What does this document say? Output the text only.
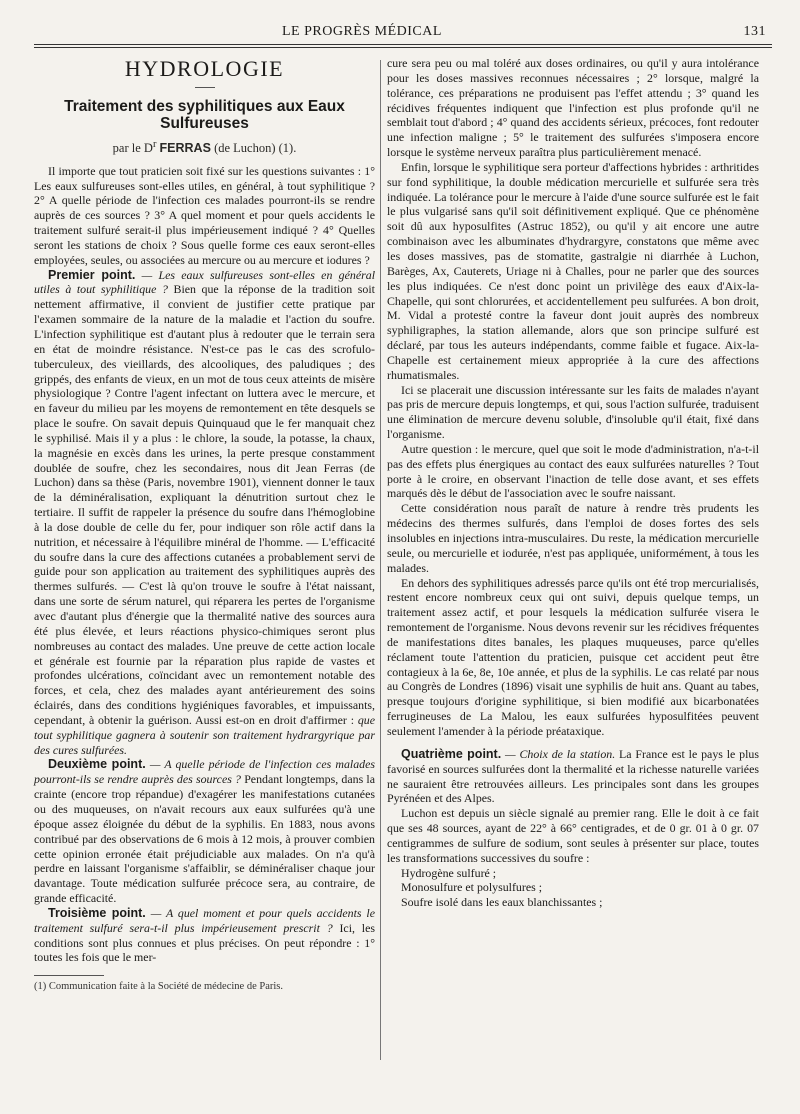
LE PROGRÈS MÉDICAL	131
HYDROLOGIE
Traitement des syphilitiques aux Eaux Sulfureuses
par le $D^r$ FERRAS (de Luchon) (1).

Il importe que tout praticien soit fixé sur les questions suivantes : 1° Les eaux sulfureuses sont-elles utiles, en général, à tout syphilitique ? 2° A quelle période de l'infection ces malades pourront-ils se rendre auprès de ces sources ? 3° A quel moment et pour quels accidents le traitement sulfuré serait-il plus impérieusement indiqué ? 4° Quelles seront les stations de choix ? Sous quelle forme ces eaux seront-elles employées, seules, ou associées au mercure ou au mercure et iodures ?

Premier point. — Les eaux sulfureuses sont-elles en général utiles à tout syphilitique ? Bien que la réponse de la tradition soit nettement affirmative, il convient de justifier cette pratique par l'examen sommaire de la nature de la maladie et l'action du soufre. L'infection syphilitique est d'autant plus à redouter que le terrain sera en état de moindre résistance. N'est-ce pas le cas des scrofulo-tuberculeux, des vieillards, des alcooliques, des paludiques ; des grippés, des enfants de vieux, en un mot de tous ceux atteints de misère physiologique ? Contre l'agent infectant on luttera avec le mercure, et en faveur du milieu par les moyens de remontement en tête desquels se place le soufre. On savait depuis Quinquaud que le fer manquait chez le syphilisé. Mais il y a plus : le chlore, la soude, la potasse, la chaux, la magnésie en excès dans les urines, la perte presque constamment doublée de soufre, chez les secondaires, nous dit Jean Ferras (de Luchon) dans sa thèse (Paris, novembre 1901), viennent donner le taux de la déminéralisation, expliquant la dénutrition surtout chez le tertiaire. Il suffit de rappeler la présence du soufre dans l'hémoglobine à la dose double de celle du fer, pour indiquer son rôle actif dans la nutrition, et nécessaire à l'équilibre minéral de l'homme. — L'efficacité du soufre dans la cure des affections cutanées a probablement servi de guide pour son application au traitement des syphilitiques auprès des thermes sulfurés. — C'est là qu'on trouve le soufre à l'état naissant, dans une sorte de sérum naturel, qui réparera les pertes de l'organisme avec d'autant plus d'énergie que la thermalité native des sources aura été plus élevée, et leurs réactions physico-chimiques seront plus nombreuses au contact des malades. Une preuve de cette action locale et générale est fournie par la réparation plus rapide de vastes et profondes ulcérations, coïncidant avec un remontement notable des forces, et cela, chez des malades ayant antérieurement des soins éclairés, dans des conditions hygiéniques favorables, et impuissants, cependant, à obtenir la guérison. Aussi est-on en droit d'affirmer : que tout syphilitique gagnera à soutenir son traitement hydrargyrique par des cures sulfurées.

Deuxième point. — A quelle période de l'infection ces malades pourront-ils se rendre auprès des sources ? Pendant longtemps, dans la crainte (encore trop répandue) d'exagérer les manifestations cutanées ou des muqueuses, on n'avait recours aux eaux sulfurées qu'à une époque assez éloignée du début de la syphilis. En 1883, nous avons contribué par des observations de 6 mois à 12 mois, à prouver combien cette opinion erronée était préjudiciable aux malades. On n'a qu'à perdre en laissant l'organisme s'affaiblir, se déminéraliser chaque jour davantage. Toute médication sulfurée précoce sera, au contraire, de grande efficacité.

Troisième point. — A quel moment et pour quels accidents le traitement sulfuré sera-t-il plus impérieusement prescrit ? Ici, les conditions sont plus connues et plus précises. On peut répondre : 1° toutes les fois que le mer-

(1) Communication faite à la Société de médecine de Paris.

cure sera peu ou mal toléré aux doses ordinaires, ou qu'il y aura intolérance pour les doses massives reconnues nécessaires ; 2° lorsque, malgré la tolérance, ces préparations ne produisent pas l'effet attendu ; 3° quand les récidives fréquentes indiquent que l'infection est plus profonde qu'il ne semblait tout d'abord ; 4° quand des accidents sérieux, précoces, font redouter une infection maligne ; 5° le traitement des sulfurées s'imposera encore lorsque le système nerveux paraîtra plus particulièrement menacé.

Enfin, lorsque le syphilitique sera porteur d'affections hybrides : arthritides sur fond syphilitique, la double médication mercurielle et sulfurée sera très indiquée. La tolérance pour le mercure à l'aide d'une source sulfurée est le fait le plus vulgarisé sans qu'il soit définitivement expliqué. Que ce phénomène soit dû aux hyposulfites (Astruc 1852), ou qu'il y ait encore une autre combinaison avec les albuminates d'hydrargyre, constatons que même avec les doses massives, pas de stomatite, gastralgie ni diarrhée à Luchon, Barèges, Ax, Cauterets, Uriage ni à Challes, pour ne parler que des sources les plus indiquées. Ce n'est donc point un privilège des eaux d'Aix-la-Chapelle, qui sont chlorurées, et accidentellement peu sulfurées. A bon droit, M. Vidal a protesté contre la faveur dont jouit auprès des nombreux syphiligraphes, la station allemande, alors que son principe sulfuré est déclaré, par tous les auteurs indépendants, comme faible et fugace. Aix-la-Chapelle est certainement mieux appropriée à la cure des affections rhumatismales.

Ici se placerait une discussion intéressante sur les faits de malades n'ayant pas pris de mercure depuis longtemps, et qui, sous l'action sulfurée, traduisent une élimination de mercure devenu soluble, d'insoluble qu'il était, fixé dans l'organisme.

Autre question : le mercure, quel que soit le mode d'administration, n'a-t-il pas des effets plus énergiques au contact des eaux sulfurées naturelles ? Tout porte à le croire, en observant l'inaction de telle dose avant, et ses effets marqués dès le début de l'association avec le soufre naissant.

Cette considération nous paraît de nature à rendre très prudents les médecins des thermes sulfurés, dans l'emploi de doses fortes des sels insolubles en injections intra-musculaires. Du reste, la médication mercurielle seule, ou mercurielle et iodurée, n'est pas appliquée, uniformément, à tous les malades.

En dehors des syphilitiques adressés parce qu'ils ont été trop mercurialisés, restent encore nombreux ceux qui ont suivi, depuis quelque temps, un traitement assez actif, et pour lesquels la médication sulfurée visera le remontement de l'organisme. Nous devons revenir sur les récidives fréquentes de manifestations dites banales, les plaques muqueuses, parce qu'elles réclament toute l'attention du praticien, puisque cet accident peut être contagieux à la 6e, 8e, 10e année, et plus de la syphilis. Le cas relaté par nous au Congrès de Londres (1896) visait une syphilis de huit ans. Quant au tabes, presque toujours d'origine syphilitique, si bien modifié aux bicarbonatées ferrugineuses de La Malou, les eaux sulfurées hyposulfitées peuvent seulement l'amender à la période préataxique.

Quatrième point. — Choix de la station. La France est le pays le plus favorisé en sources sulfurées dont la thermalité et la richesse naturelle variées ne sauraient être retrouvées ailleurs. Les principales sont dans les groupes Pyrénéen et des Alpes.

Luchon est depuis un siècle signalé au premier rang. Elle le doit à ce fait que ses 48 sources, ayant de 22° à 66° centigrades, et de 0 gr. 01 à 0 gr. 07 centigrammes de sulfure de sodium, sont seules à présenter sur place, toutes les transformations successives du soufre :

Hydrogène sulfuré ;

Monosulfure et polysulfures ;

Soufre isolé dans les eaux blanchissantes ;
